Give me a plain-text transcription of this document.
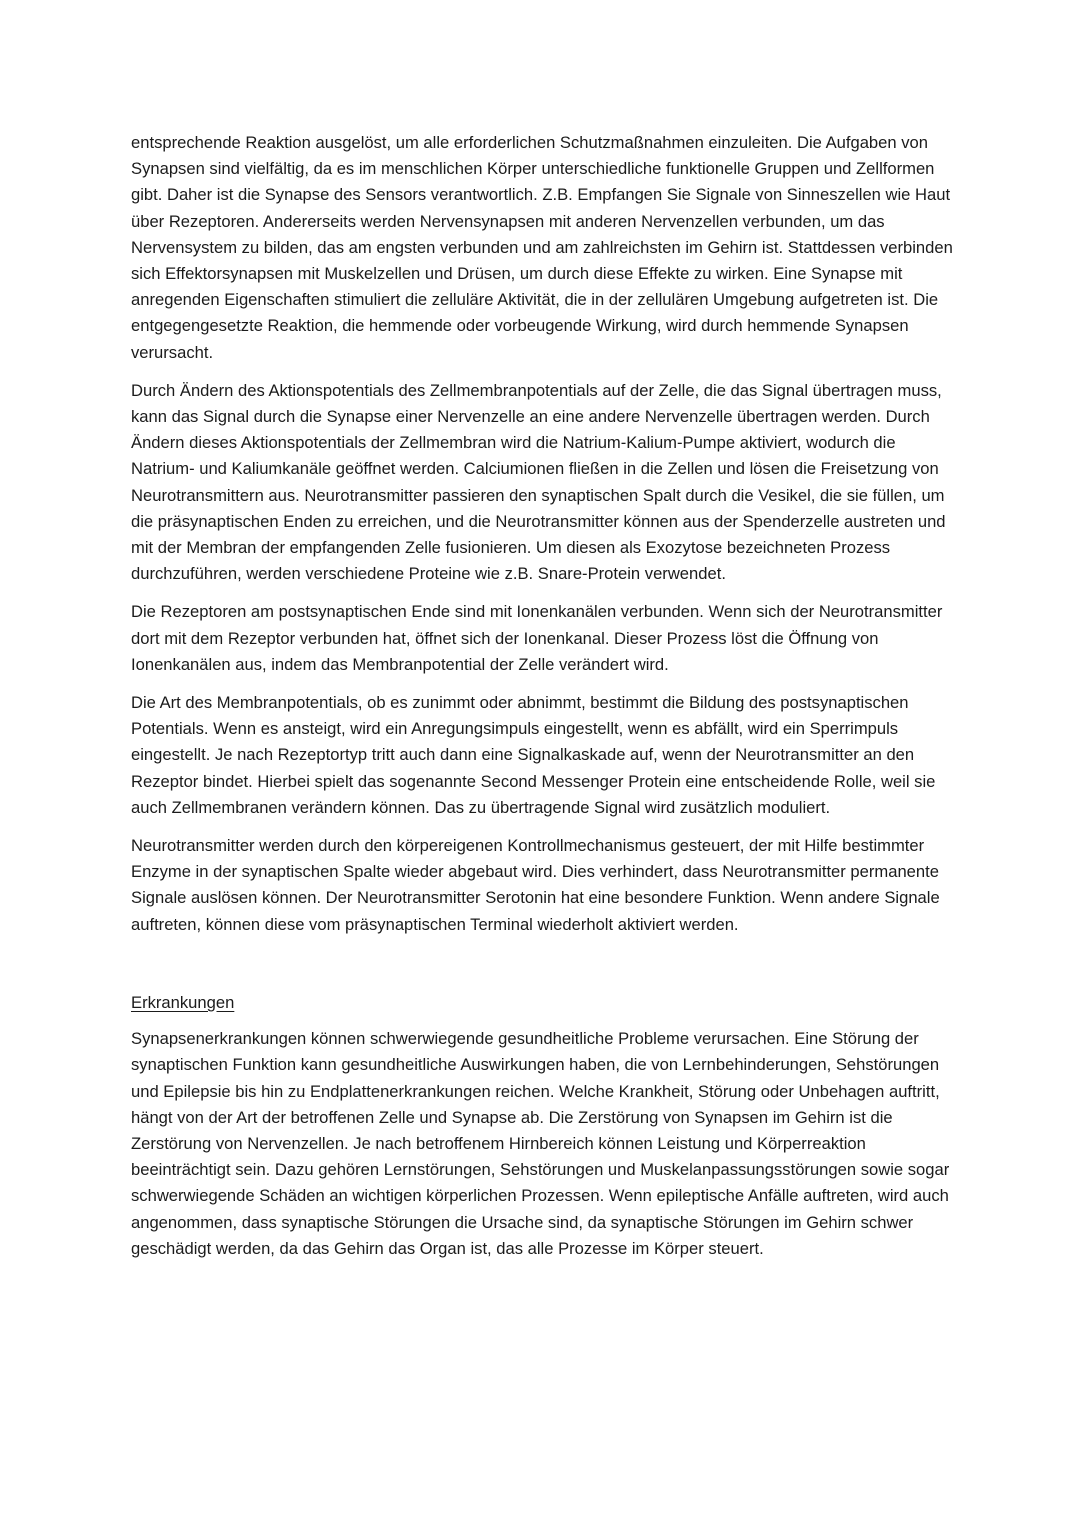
entsprechende Reaktion ausgelöst, um alle erforderlichen Schutzmaßnahmen einzuleiten. Die Aufgaben von Synapsen sind vielfältig, da es im menschlichen Körper unterschiedliche funktionelle Gruppen und Zellformen gibt. Daher ist die Synapse des Sensors verantwortlich. Z.B. Empfangen Sie Signale von Sinneszellen wie Haut über Rezeptoren. Andererseits werden Nervensynapsen mit anderen Nervenzellen verbunden, um das Nervensystem zu bilden, das am engsten verbunden und am zahlreichsten im Gehirn ist. Stattdessen verbinden sich Effektorsynapsen mit Muskelzellen und Drüsen, um durch diese Effekte zu wirken. Eine Synapse mit anregenden Eigenschaften stimuliert die zelluläre Aktivität, die in der zellulären Umgebung aufgetreten ist. Die entgegengesetzte Reaktion, die hemmende oder vorbeugende Wirkung, wird durch hemmende Synapsen verursacht.

Durch Ändern des Aktionspotentials des Zellmembranpotentials auf der Zelle, die das Signal übertragen muss, kann das Signal durch die Synapse einer Nervenzelle an eine andere Nervenzelle übertragen werden. Durch Ändern dieses Aktionspotentials der Zellmembran wird die Natrium-Kalium-Pumpe aktiviert, wodurch die Natrium- und Kaliumkanäle geöffnet werden. Calciumionen fließen in die Zellen und lösen die Freisetzung von Neurotransmittern aus. Neurotransmitter passieren den synaptischen Spalt durch die Vesikel, die sie füllen, um die präsynaptischen Enden zu erreichen, und die Neurotransmitter können aus der Spenderzelle austreten und mit der Membran der empfangenden Zelle fusionieren. Um diesen als Exozytose bezeichneten Prozess durchzuführen, werden verschiedene Proteine wie z.B. Snare-Protein verwendet.

Die Rezeptoren am postsynaptischen Ende sind mit Ionenkanälen verbunden. Wenn sich der Neurotransmitter dort mit dem Rezeptor verbunden hat, öffnet sich der Ionenkanal. Dieser Prozess löst die Öffnung von Ionenkanälen aus, indem das Membranpotential der Zelle verändert wird.

Die Art des Membranpotentials, ob es zunimmt oder abnimmt, bestimmt die Bildung des postsynaptischen Potentials. Wenn es ansteigt, wird ein Anregungsimpuls eingestellt, wenn es abfällt, wird ein Sperrimpuls eingestellt. Je nach Rezeptortyp tritt auch dann eine Signalkaskade auf, wenn der Neurotransmitter an den Rezeptor bindet. Hierbei spielt das sogenannte Second Messenger Protein eine entscheidende Rolle, weil sie auch Zellmembranen verändern können. Das zu übertragende Signal wird zusätzlich moduliert.

Neurotransmitter werden durch den körpereigenen Kontrollmechanismus gesteuert, der mit Hilfe bestimmter Enzyme in der synaptischen Spalte wieder abgebaut wird. Dies verhindert, dass Neurotransmitter permanente Signale auslösen können. Der Neurotransmitter Serotonin hat eine besondere Funktion. Wenn andere Signale auftreten, können diese vom präsynaptischen Terminal wiederholt aktiviert werden.

Erkrankungen

Synapsenerkrankungen können schwerwiegende gesundheitliche Probleme verursachen. Eine Störung der synaptischen Funktion kann gesundheitliche Auswirkungen haben, die von Lernbehinderungen, Sehstörungen und Epilepsie bis hin zu Endplattenerkrankungen reichen. Welche Krankheit, Störung oder Unbehagen auftritt, hängt von der Art der betroffenen Zelle und Synapse ab. Die Zerstörung von Synapsen im Gehirn ist die Zerstörung von Nervenzellen. Je nach betroffenem Hirnbereich können Leistung und Körperreaktion beeinträchtigt sein. Dazu gehören Lernstörungen, Sehstörungen und Muskelanpassungsstörungen sowie sogar schwerwiegende Schäden an wichtigen körperlichen Prozessen. Wenn epileptische Anfälle auftreten, wird auch angenommen, dass synaptische Störungen die Ursache sind, da synaptische Störungen im Gehirn schwer geschädigt werden, da das Gehirn das Organ ist, das alle Prozesse im Körper steuert.
